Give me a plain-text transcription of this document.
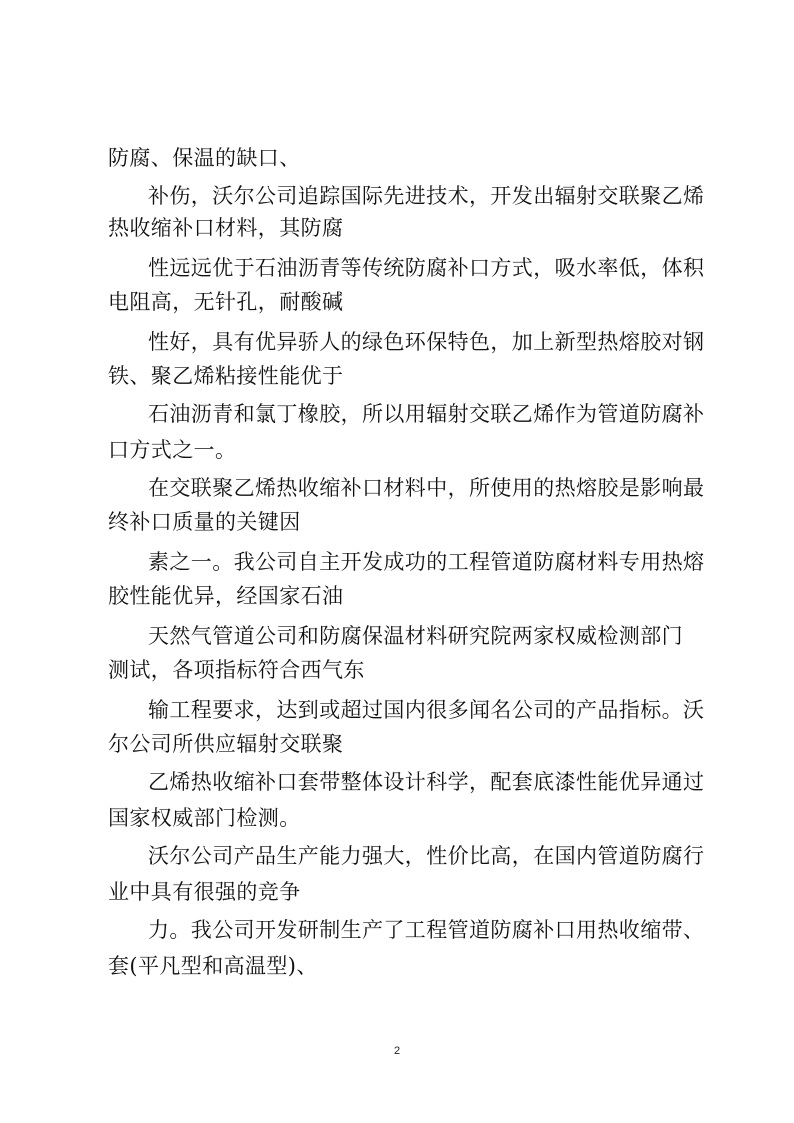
防腐、保温的缺口、
补伤，沃尔公司追踪国际先进技术，开发出辐射交联聚乙烯
热收缩补口材料，其防腐
性远远优于石油沥青等传统防腐补口方式，吸水率低，体积
电阻高，无针孔，耐酸碱
性好，具有优异骄人的绿色环保特色，加上新型热熔胶对钢
铁、聚乙烯粘接性能优于
石油沥青和氯丁橡胶，所以用辐射交联乙烯作为管道防腐补
口方式之一。
在交联聚乙烯热收缩补口材料中，所使用的热熔胶是影响最
终补口质量的关键因
素之一。我公司自主开发成功的工程管道防腐材料专用热熔
胶性能优异，经国家石油
天然气管道公司和防腐保温材料研究院两家权威检测部门
测试，各项指标符合西气东
输工程要求，达到或超过国内很多闻名公司的产品指标。沃
尔公司所供应辐射交联聚
乙烯热收缩补口套带整体设计科学，配套底漆性能优异通过
国家权威部门检测。
沃尔公司产品生产能力强大，性价比高，在国内管道防腐行
业中具有很强的竞争
力。我公司开发研制生产了工程管道防腐补口用热收缩带、
套(平凡型和高温型)、
2
